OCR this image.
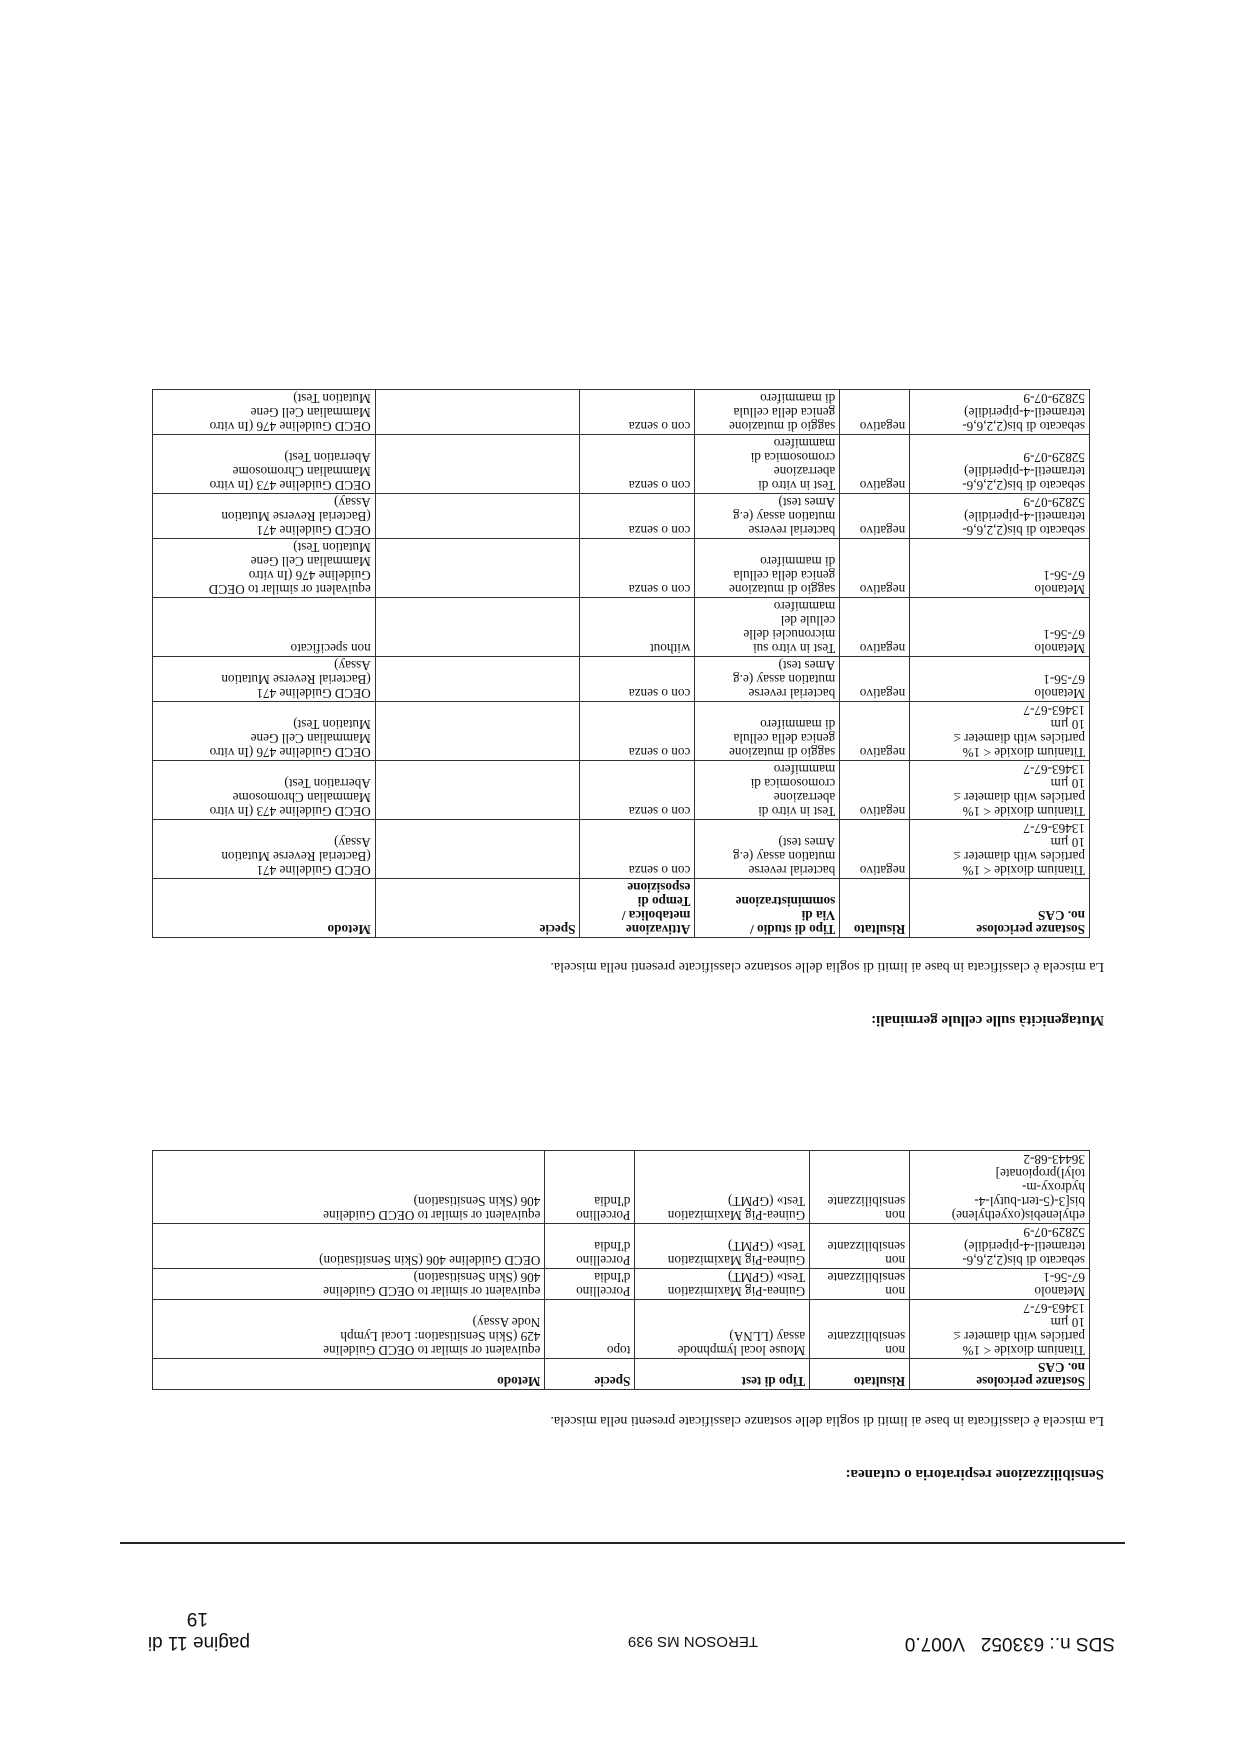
SDS n.: 633052   V007.0
TEROSON MS 939
pagine 11 di
19
Sensibilizzazione respiratoria o cutanea:
La miscela è classificata in base ai limiti di soglia delle sostanze classificate presenti nella miscela.
Sostanze pericolose
no. CAS	Risultato	Tipo di test	Specie	Metodo
Titanium dioxide < 1%
particles with diameter ≤
10 µm
13463-67-7	non
sensibilizzante	Mouse local lymphnode
assay (LLNA)	topo	equivalent or similar to OECD Guideline
429 (Skin Sensitisation: Local Lymph
Node Assay)
Metanolo
67-56-1	non
sensibilizzante	Guinea-Pig Maximization
Test» (GPMT)	Porcellino
d'India	equivalent or similar to OECD Guideline
406 (Skin Sensitisation)
sebacato di bis(2,2,6,6-
tetrametil-4-piperidile)
52829-07-9	non
sensibilizzante	Guinea-Pig Maximization
Test» (GPMT)	Porcellino
d'India	OECD Guideline 406 (Skin Sensitisation)
ethylenebis(oxyethylene)
bis[3-(5-tert-butyl-4-
hydroxy-m-
tolyl)propionate]
36443-68-2	non
sensibilizzante	Guinea-Pig Maximization
Test» (GPMT)	Porcellino
d'India	equivalent or similar to OECD Guideline
406 (Skin Sensitisation)
Mutagenicità sulle cellule germinali:
La miscela è classificata in base ai limiti di soglia delle sostanze classificate presenti nella miscela.
Sostanze pericolose
no. CAS	Risultato	Tipo di studio /
Via di
somministrazione	Attivazione
metabolica /
Tempo di
esposizione	Specie	Metodo
Titanium dioxide < 1%
particles with diameter ≤
10 µm
13463-67-7	negativo	bacterial reverse
mutation assay (e.g
Ames test)	con o senza		OECD Guideline 471
(Bacterial Reverse Mutation
Assay)
Titanium dioxide < 1%
particles with diameter ≤
10 µm
13463-67-7	negativo	Test in vitro di
aberrazione
cromosomica di
mammifero	con o senza		OECD Guideline 473 (In vitro
Mammalian Chromosome
Aberration Test)
Titanium dioxide < 1%
particles with diameter ≤
10 µm
13463-67-7	negativo	saggio di mutazione
genica della cellula
di mammifero	con o senza		OECD Guideline 476 (In vitro
Mammalian Cell Gene
Mutation Test)
Metanolo
67-56-1	negativo	bacterial reverse
mutation assay (e.g
Ames test)	con o senza		OECD Guideline 471
(Bacterial Reverse Mutation
Assay)
Metanolo
67-56-1	negativo	Test in vitro sui
micronuclei delle
cellule del
mammifero	without		non specificato
Metanolo
67-56-1	negativo	saggio di mutazione
genica della cellula
di mammifero	con o senza		equivalent or similar to OECD
Guideline 476 (In vitro
Mammalian Cell Gene
Mutation Test)
sebacato di bis(2,2,6,6-
tetrametil-4-piperidile)
52829-07-9	negativo	bacterial reverse
mutation assay (e.g
Ames test)	con o senza		OECD Guideline 471
(Bacterial Reverse Mutation
Assay)
sebacato di bis(2,2,6,6-
tetrametil-4-piperidile)
52829-07-9	negativo	Test in vitro di
aberrazione
cromosomica di
mammifero	con o senza		OECD Guideline 473 (In vitro
Mammalian Chromosome
Aberration Test)
sebacato di bis(2,2,6,6-
tetrametil-4-piperidile)
52829-07-9	negativo	saggio di mutazione
genica della cellula
di mammifero	con o senza		OECD Guideline 476 (In vitro
Mammalian Cell Gene
Mutation Test)
